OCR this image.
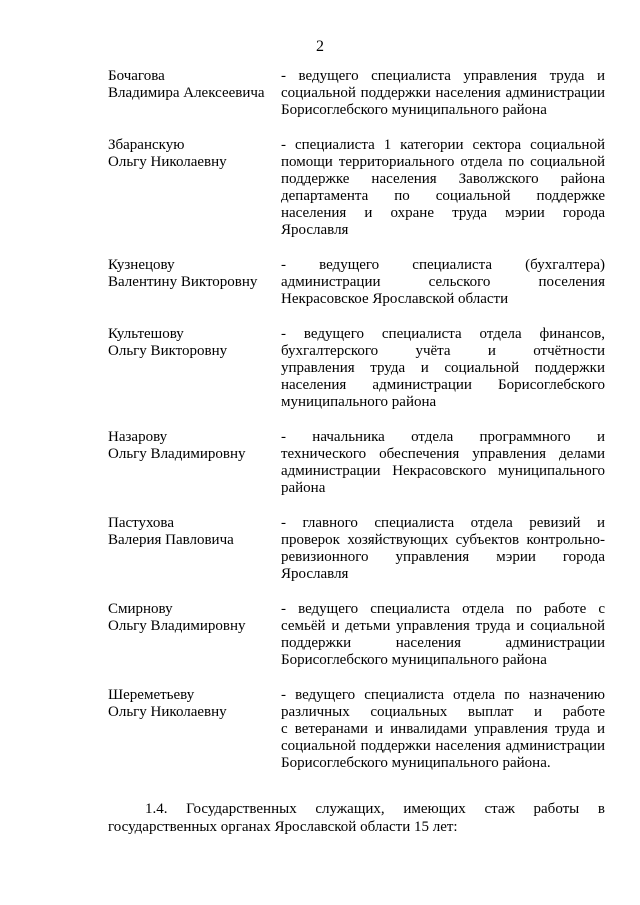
2
Бочагова
Владимира Алексеевича
- ведущего специалиста управления труда и
социальной поддержки населения администрации
Борисоглебского муниципального района
Збаранскую
Ольгу Николаевну
- специалиста 1 категории сектора социальной
помощи территориального отдела по социальной
поддержке населения Заволжского района
департамента по социальной поддержке
населения и охране труда мэрии города
Ярославля
Кузнецову
Валентину Викторовну
- ведущего специалиста (бухгалтера)
администрации сельского поселения
Некрасовское Ярославской области
Культешову
Ольгу Викторовну
- ведущего специалиста отдела финансов,
бухгалтерского учёта и отчётности
управления труда и социальной поддержки
населения администрации Борисоглебского
муниципального района
Назарову
Ольгу Владимировну
- начальника отдела программного и
технического обеспечения управления делами
администрации Некрасовского муниципального
района
Пастухова
Валерия Павловича
- главного специалиста отдела ревизий и
проверок хозяйствующих субъектов контрольно-
ревизионного управления мэрии города
Ярославля
Смирнову
Ольгу Владимировну
- ведущего специалиста отдела по работе с
семьёй и детьми управления труда и социальной
поддержки населения администрации
Борисоглебского муниципального района
Шереметьеву
Ольгу Николаевну
- ведущего специалиста отдела по назначению
различных социальных выплат и работе
с ветеранами и инвалидами управления труда и
социальной поддержки населения администрации
Борисоглебского муниципального района.
1.4. Государственных служащих, имеющих стаж работы в
государственных органах Ярославской области 15 лет:
